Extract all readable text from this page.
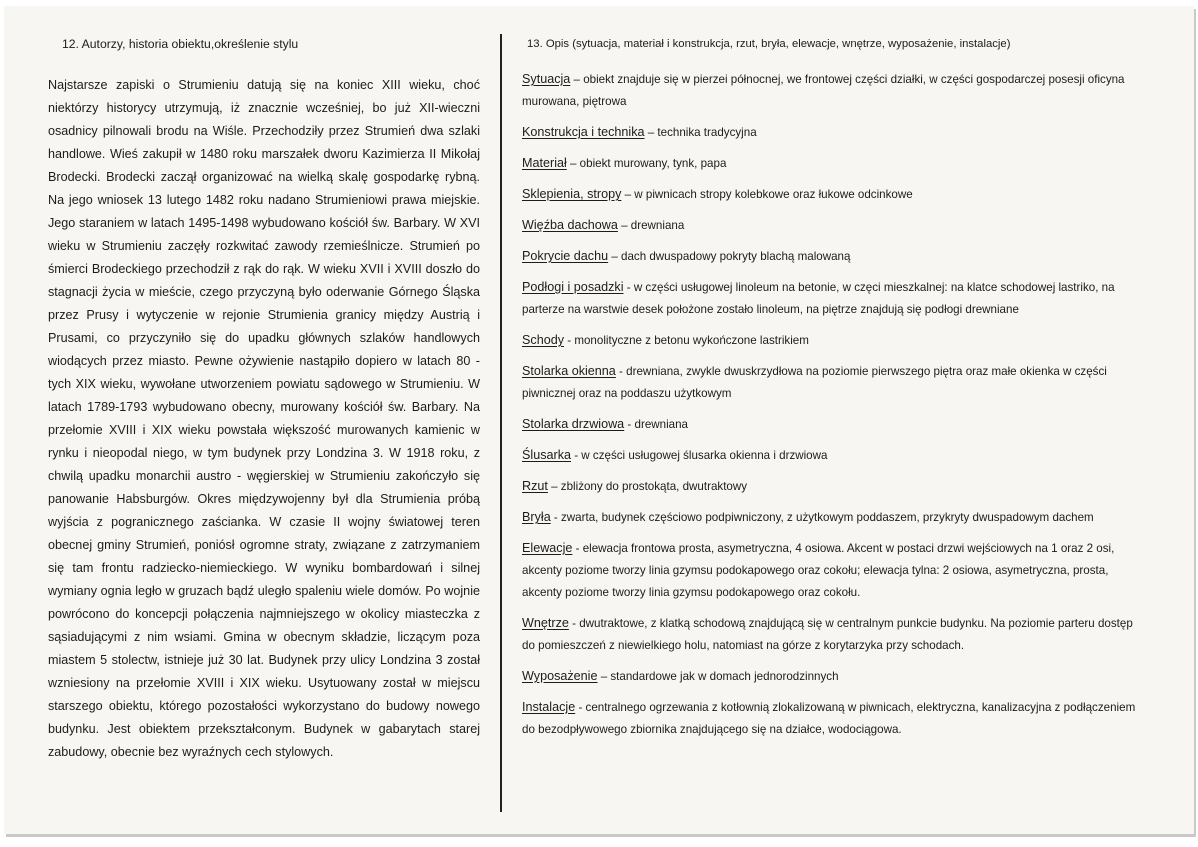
12. Autorzy, historia obiektu,określenie stylu
Najstarsze zapiski o Strumieniu datują się na koniec XIII wieku, choć niektórzy historycy utrzymują, iż znacznie wcześniej, bo już XII-wieczni osadnicy pilnowali brodu na Wiśle. Przechodziły przez Strumień dwa szlaki handlowe. Wieś zakupił w 1480 roku marszałek dworu Kazimierza II Mikołaj Brodecki. Brodecki zaczął organizować na wielką skalę gospodarkę rybną. Na jego wniosek 13 lutego 1482 roku nadano Strumieniowi prawa miejskie. Jego staraniem w latach 1495-1498 wybudowano kościół św. Barbary. W XVI wieku w Strumieniu zaczęły rozkwitać zawody rzemieślnicze. Strumień po śmierci Brodeckiego przechodził z rąk do rąk. W wieku XVII i XVIII doszło do stagnacji życia w mieście, czego przyczyną było oderwanie Górnego Śląska przez Prusy i wytyczenie w rejonie Strumienia granicy między Austrią i Prusami, co przyczyniło się do upadku głównych szlaków handlowych wiodących przez miasto. Pewne ożywienie nastąpiło dopiero w latach 80 - tych XIX wieku, wywołane utworzeniem powiatu sądowego w Strumieniu. W latach 1789-1793 wybudowano obecny, murowany kościół św. Barbary. Na przełomie XVIII i XIX wieku powstała większość murowanych kamienic w rynku i nieopodal niego, w tym budynek przy Londzina 3. W 1918 roku, z chwilą upadku monarchii austro - węgierskiej w Strumieniu zakończyło się panowanie Habsburgów. Okres międzywojenny był dla Strumienia próbą wyjścia z pogranicznego zaścianka. W czasie II wojny światowej teren obecnej gminy Strumień, poniósł ogromne straty, związane z zatrzymaniem się tam frontu radziecko-niemieckiego. W wyniku bombardowań i silnej wymiany ognia legło w gruzach bądź uległo spaleniu wiele domów. Po wojnie powrócono do koncepcji połączenia najmniejszego w okolicy miasteczka z sąsiadującymi z nim wsiami. Gmina w obecnym składzie, liczącym poza miastem 5 stolectw, istnieje już 30 lat. Budynek przy ulicy Londzina 3 został wzniesiony na przełomie XVIII i XIX wieku. Usytuowany został w miejscu starszego obiektu, którego pozostałości wykorzystano do budowy nowego budynku. Jest obiektem przekształconym. Budynek w gabarytach starej zabudowy, obecnie bez wyraźnych cech stylowych.
13. Opis (sytuacja, materiał i konstrukcja, rzut, bryła, elewacje, wnętrze, wyposażenie, instalacje)

Sytuacja – obiekt znajduje się w pierzei północnej, we frontowej części działki, w części gospodarczej posesji oficyna murowana, piętrowa

Konstrukcja i technika – technika tradycyjna

Materiał – obiekt murowany, tynk, papa

Sklepienia, stropy – w piwnicach stropy kolebkowe oraz łukowe odcinkowe

Więźba dachowa – drewniana

Pokrycie dachu – dach dwuspadowy pokryty blachą malowaną

Podłogi i posadzki - w części usługowej linoleum na betonie, w częci mieszkalnej: na klatce schodowej lastriko, na parterze na warstwie desek położone zostało linoleum, na piętrze znajdują się podłogi drewniane

Schody - monolityczne z betonu wykończone lastrikiem

Stolarka okienna - drewniana, zwykle dwuskrzydłowa na poziomie pierwszego piętra oraz małe okienka w części piwnicznej oraz na poddaszu użytkowym

Stolarka drzwiowa - drewniana

Ślusarka - w części usługowej ślusarka okienna i drzwiowa

Rzut – zbliżony do prostokąta, dwutraktowy

Bryła - zwarta, budynek częściowo podpiwniczony, z użytkowym poddaszem, przykryty dwuspadowym dachem

Elewacje - elewacja frontowa prosta, asymetryczna, 4 osiowa. Akcent w postaci drzwi wejściowych na 1 oraz 2 osi, akcenty poziome tworzy linia gzymsu podokapowego oraz cokołu; elewacja tylna: 2 osiowa, asymetryczna, prosta, akcenty poziome tworzy linia gzymsu podokapowego oraz cokołu.

Wnętrze - dwutraktowe, z klatką schodową znajdującą się w centralnym punkcie budynku. Na poziomie parteru dostęp do pomieszczeń z niewielkiego holu, natomiast na górze z korytarzyka przy schodach.

Wyposażenie – standardowe jak w domach jednorodzinnych

Instalacje - centralnego ogrzewania z kotłownią zlokalizowaną w piwnicach, elektryczna, kanalizacyjna z podłączeniem do bezodpływowego zbiornika znajdującego się na działce, wodociągowa.
